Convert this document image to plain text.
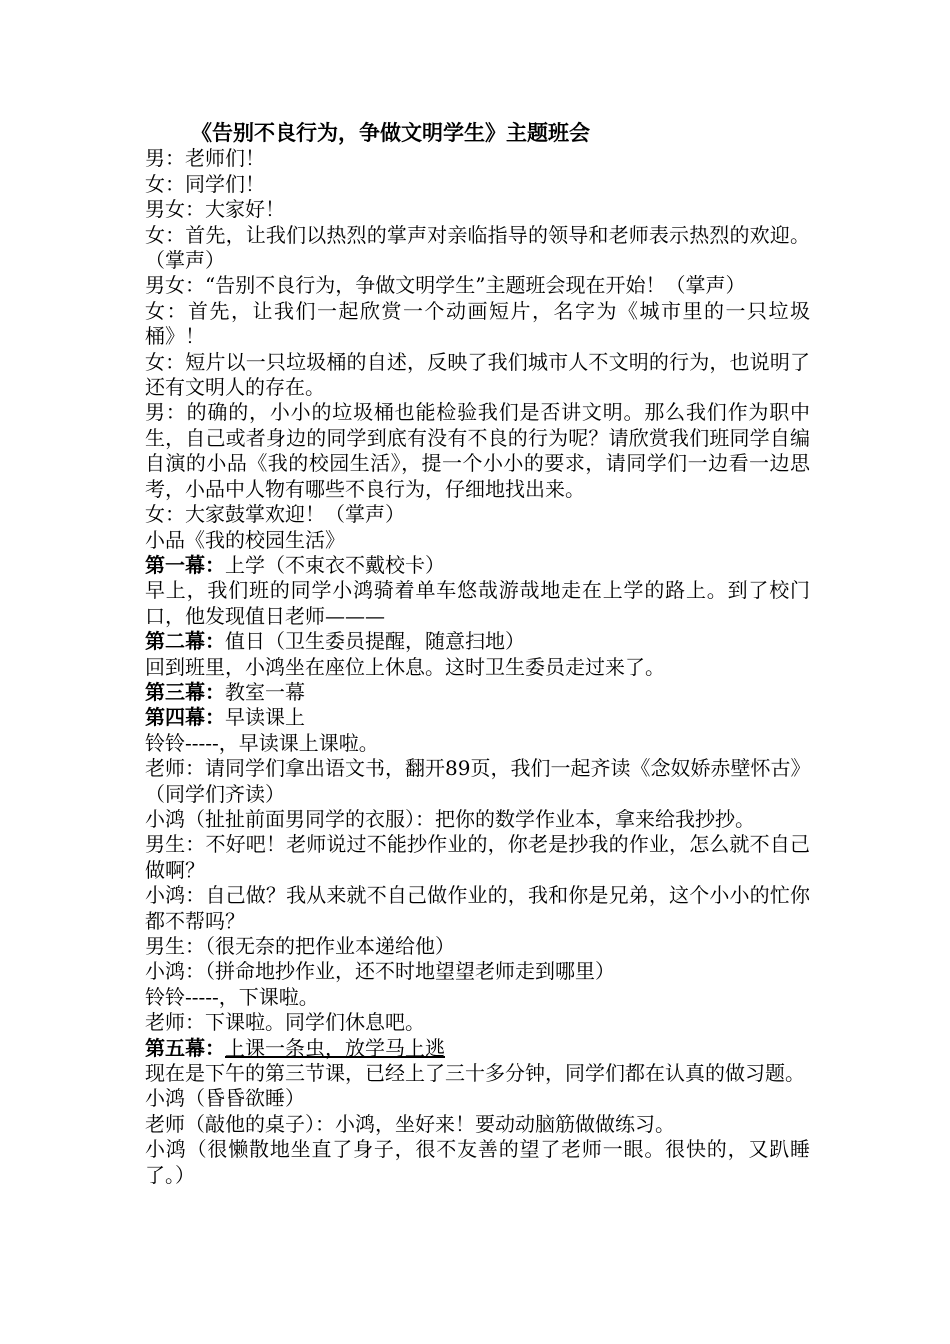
《告别不良行为，争做文明学生》主题班会

男：老师们！

女：同学们！

男女：大家好！

女：首先，让我们以热烈的掌声对亲临指导的领导和老师表示热烈的欢迎。（掌声）

男女：“告别不良行为，争做文明学生”主题班会现在开始！（掌声）

女：首先，让我们一起欣赏一个动画短片，名字为《城市里的一只垃圾桶》！

女：短片以一只垃圾桶的自述，反映了我们城市人不文明的行为，也说明了还有文明人的存在。

男：的确的，小小的垃圾桶也能检验我们是否讲文明。那么我们作为职中生，自己或者身边的同学到底有没有不良的行为呢？请欣赏我们班同学自编自演的小品《我的校园生活》，提一个小小的要求，请同学们一边看一边思考，小品中人物有哪些不良行为，仔细地找出来。

女：大家鼓掌欢迎！（掌声）

小品《我的校园生活》

第一幕：上学（不束衣不戴校卡）

早上，我们班的同学小鸿骑着单车悠哉游哉地走在上学的路上。到了校门口，他发现值日老师———

第二幕：值日（卫生委员提醒，随意扫地）

回到班里，小鸿坐在座位上休息。这时卫生委员走过来了。

第三幕：教室一幕

第四幕：早读课上

铃铃-----，早读课上课啦。

老师：请同学们拿出语文书，翻开89页，我们一起齐读《念奴娇赤壁怀古》

（同学们齐读）

小鸿（扯扯前面男同学的衣服）：把你的数学作业本，拿来给我抄抄。

男生：不好吧！老师说过不能抄作业的，你老是抄我的作业，怎么就不自己做啊？

小鸿：自己做？我从来就不自己做作业的，我和你是兄弟，这个小小的忙你都不帮吗？

男生：（很无奈的把作业本递给他）

小鸿：（拼命地抄作业，还不时地望望老师走到哪里）

铃铃-----，下课啦。

老师：下课啦。同学们休息吧。

第五幕：上课一条虫，放学马上逃

现在是下午的第三节课，已经上了三十多分钟，同学们都在认真的做习题。

小鸿（昏昏欲睡）

老师（敲他的桌子）：小鸿，坐好来！要动动脑筋做做练习。

小鸿（很懒散地坐直了身子，很不友善的望了老师一眼。很快的，又趴睡了。）
